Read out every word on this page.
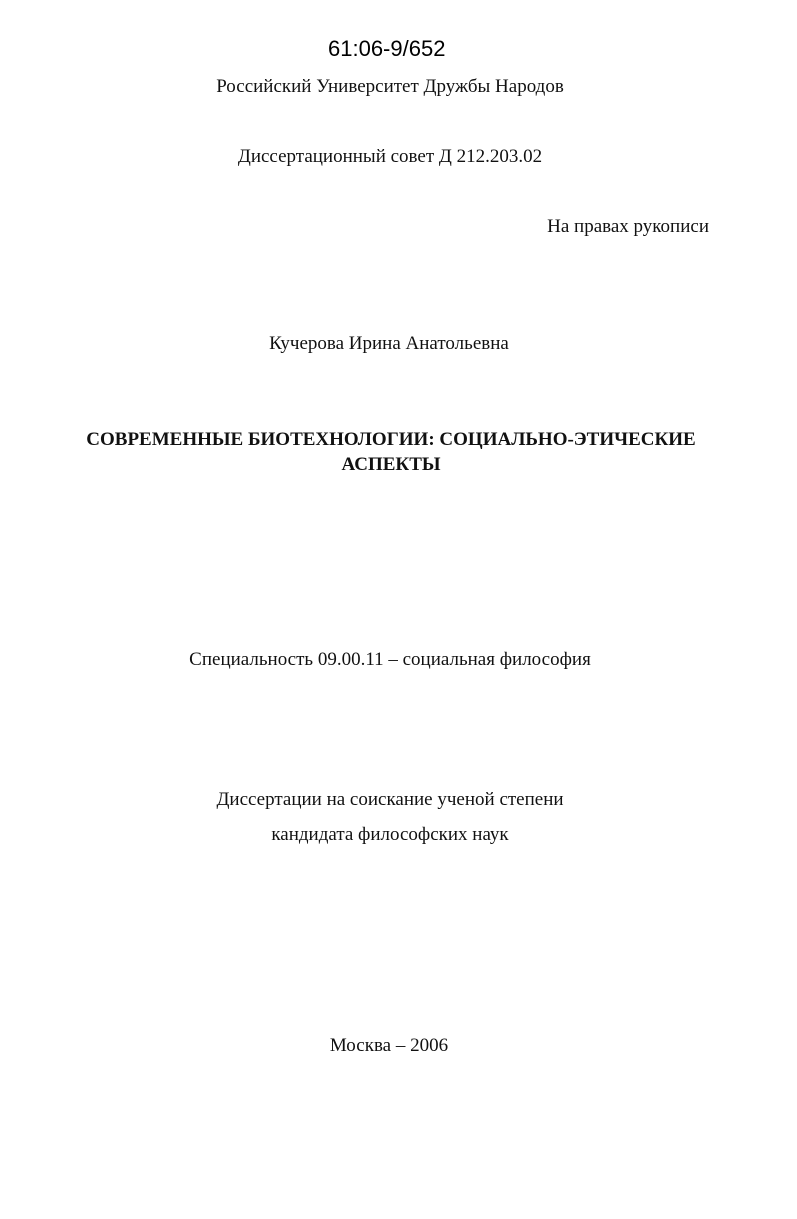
61:06-9/652
Российский Университет Дружбы Народов
Диссертационный совет Д 212.203.02
На правах рукописи
Кучерова Ирина Анатольевна
СОВРЕМЕННЫЕ БИОТЕХНОЛОГИИ: СОЦИАЛЬНО-ЭТИЧЕСКИЕ
АСПЕКТЫ
Специальность 09.00.11 – социальная философия
Диссертации на соискание ученой степени
кандидата философских наук
Москва – 2006
